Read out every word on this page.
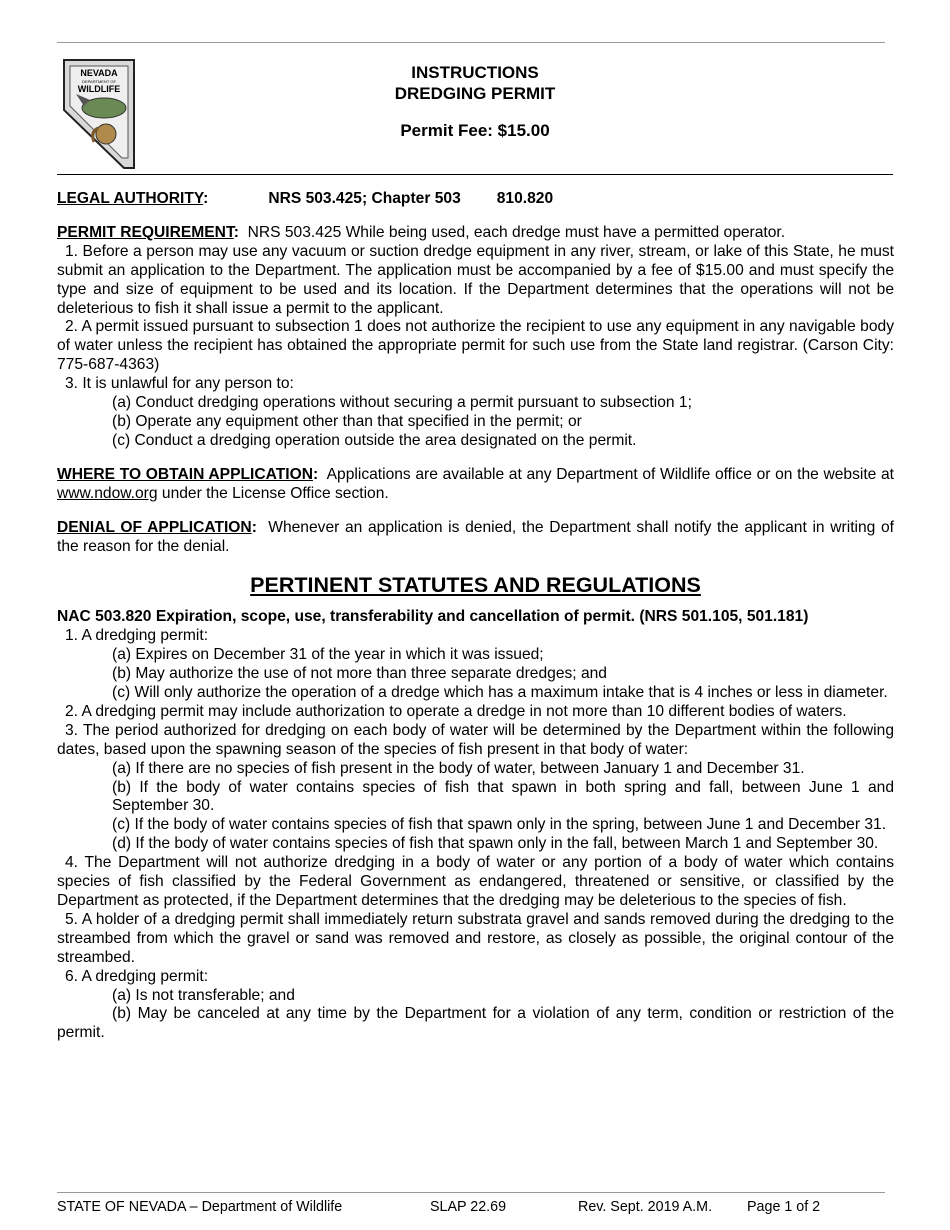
NEVADA
DEPARTMENT OF
WILDLIFE
INSTRUCTIONS
DREDGING PERMIT
Permit Fee: $15.00

LEGAL AUTHORITY:	NRS 503.425; Chapter 503 810.820

PERMIT REQUIREMENT: NRS 503.425 While being used, each dredge must have a permitted operator.

1. Before a person may use any vacuum or suction dredge equipment in any river, stream, or lake of this State, he must submit an application to the Department. The application must be accompanied by a fee of $15.00 and must specify the type and size of equipment to be used and its location. If the Department determines that the operations will not be deleterious to fish it shall issue a permit to the applicant.

2. A permit issued pursuant to subsection 1 does not authorize the recipient to use any equipment in any navigable body of water unless the recipient has obtained the appropriate permit for such use from the State land registrar. (Carson City: 775-687-4363)

3. It is unlawful for any person to:

(a) Conduct dredging operations without securing a permit pursuant to subsection 1;

(b) Operate any equipment other than that specified in the permit; or

(c) Conduct a dredging operation outside the area designated on the permit.

WHERE TO OBTAIN APPLICATION: Applications are available at any Department of Wildlife office or on the website at www.ndow.org under the License Office section.

DENIAL OF APPLICATION: Whenever an application is denied, the Department shall notify the applicant in writing of the reason for the denial.

PERTINENT STATUTES AND REGULATIONS

NAC 503.820 Expiration, scope, use, transferability and cancellation of permit. (NRS 501.105, 501.181)

1. A dredging permit:

(a) Expires on December 31 of the year in which it was issued;

(b) May authorize the use of not more than three separate dredges; and

(c) Will only authorize the operation of a dredge which has a maximum intake that is 4 inches or less in diameter.

2. A dredging permit may include authorization to operate a dredge in not more than 10 different bodies of waters.

3. The period authorized for dredging on each body of water will be determined by the Department within the following dates, based upon the spawning season of the species of fish present in that body of water:

(a) If there are no species of fish present in the body of water, between January 1 and December 31.

(b) If the body of water contains species of fish that spawn in both spring and fall, between June 1 and September 30.

(c) If the body of water contains species of fish that spawn only in the spring, between June 1 and December 31.

(d) If the body of water contains species of fish that spawn only in the fall, between March 1 and September 30.

4. The Department will not authorize dredging in a body of water or any portion of a body of water which contains species of fish classified by the Federal Government as endangered, threatened or sensitive, or classified by the Department as protected, if the Department determines that the dredging may be deleterious to the species of fish.

5. A holder of a dredging permit shall immediately return substrata gravel and sands removed during the dredging to the streambed from which the gravel or sand was removed and restore, as closely as possible, the original contour of the streambed.

6. A dredging permit:

(a) Is not transferable; and

(b) May be canceled at any time by the Department for a violation of any term, condition or restriction of the permit.

STATE OF NEVADA – Department of Wildlife	SLAP 22.69	Rev. Sept. 2019 A.M. Page 1 of 2
